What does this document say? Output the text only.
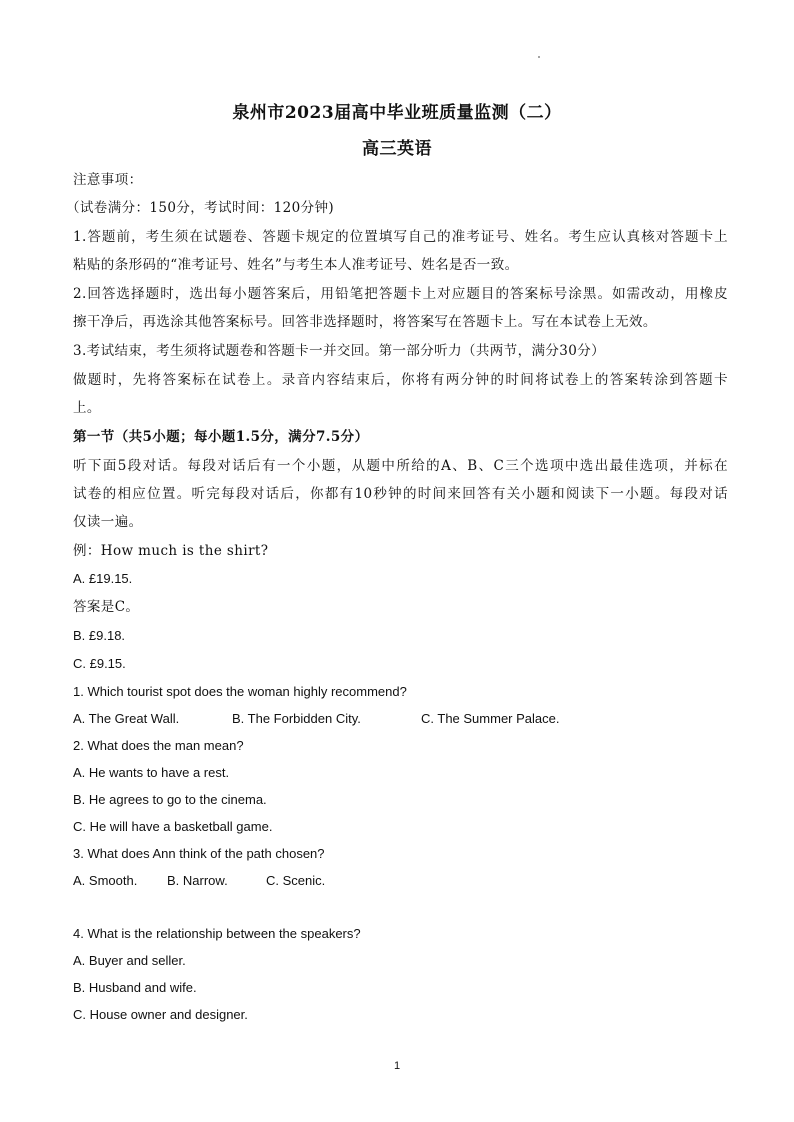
泉州市2023届高中毕业班质量监测（二）
高三英语
注意事项：
（试卷满分：150分，考试时间：120分钟)
1.答题前，考生须在试题卷、答题卡规定的位置填写自己的准考证号、姓名。考生应认真核对答题卡上
粘贴的条形码的“准考证号、姓名”与考生本人准考证号、姓名是否一致。
2.回答选择题时，选出每小题答案后，用铅笔把答题卡上对应题目的答案标号涂黑。如需改动，用橡皮
擦干净后，再选涂其他答案标号。回答非选择题时，将答案写在答题卡上。写在本试卷上无效。
3.考试结束，考生须将试题卷和答题卡一并交回。第一部分听力（共两节，满分30分）
做题时，先将答案标在试卷上。录音内容结束后，你将有两分钟的时间将试卷上的答案转涂到答题卡
上。
第一节（共5小题；每小题1.5分，满分7.5分）
听下面5段对话。每段对话后有一个小题，从题中所给的A、B、C三个选项中选出最佳选项，并标在
试卷的相应位置。听完每段对话后，你都有10秒钟的时间来回答有关小题和阅读下一小题。每段对话
仅读一遍。
例：How much is the shirt?
A. £19.15.
答案是C。
B. £9.18.
C. £9.15.
1. Which tourist spot does the woman highly recommend?
A. The Great Wall.	B. The Forbidden City.	C. The Summer Palace.
2. What does the man mean?
A. He wants to have a rest.
B. He agrees to go to the cinema.
C. He will have a basketball game.
3. What does Ann think of the path chosen?
A. Smooth. B. Narrow.	C. Scenic.
4. What is the relationship between the speakers?
A. Buyer and seller.
B. Husband and wife.
C. House owner and designer.
1
